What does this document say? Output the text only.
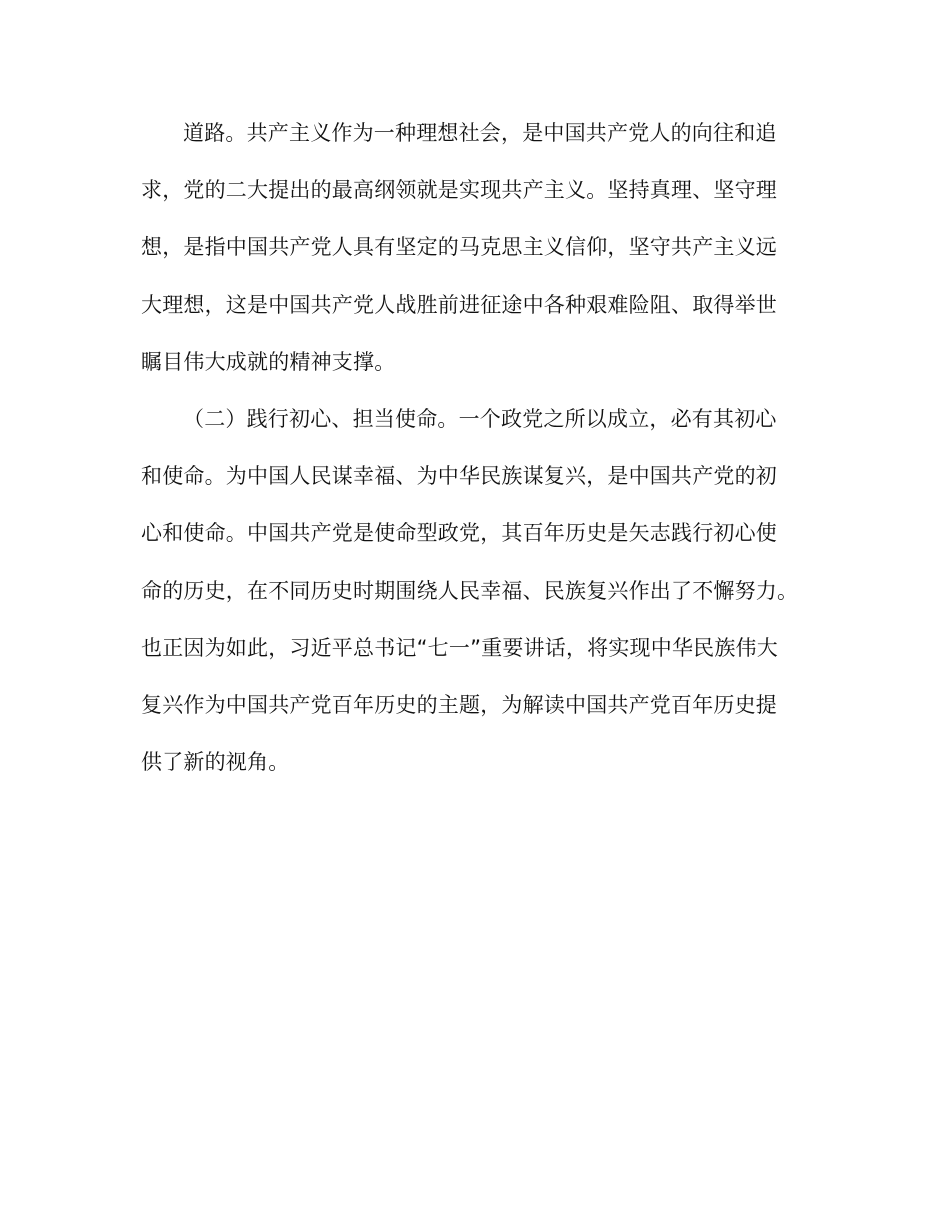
道路。共产主义作为一种理想社会，是中国共产党人的向往和追
求，党的二大提出的最高纲领就是实现共产主义。坚持真理、坚守理
想，是指中国共产党人具有坚定的马克思主义信仰，坚守共产主义远
大理想，这是中国共产党人战胜前进征途中各种艰难险阻、取得举世
瞩目伟大成就的精神支撑。
（二）践行初心、担当使命。一个政党之所以成立，必有其初心
和使命。为中国人民谋幸福、为中华民族谋复兴，是中国共产党的初
心和使命。中国共产党是使命型政党，其百年历史是矢志践行初心使
命的历史，在不同历史时期围绕人民幸福、民族复兴作出了不懈努力。
也正因为如此，习近平总书记“七一”重要讲话，将实现中华民族伟大
复兴作为中国共产党百年历史的主题，为解读中国共产党百年历史提
供了新的视角。
